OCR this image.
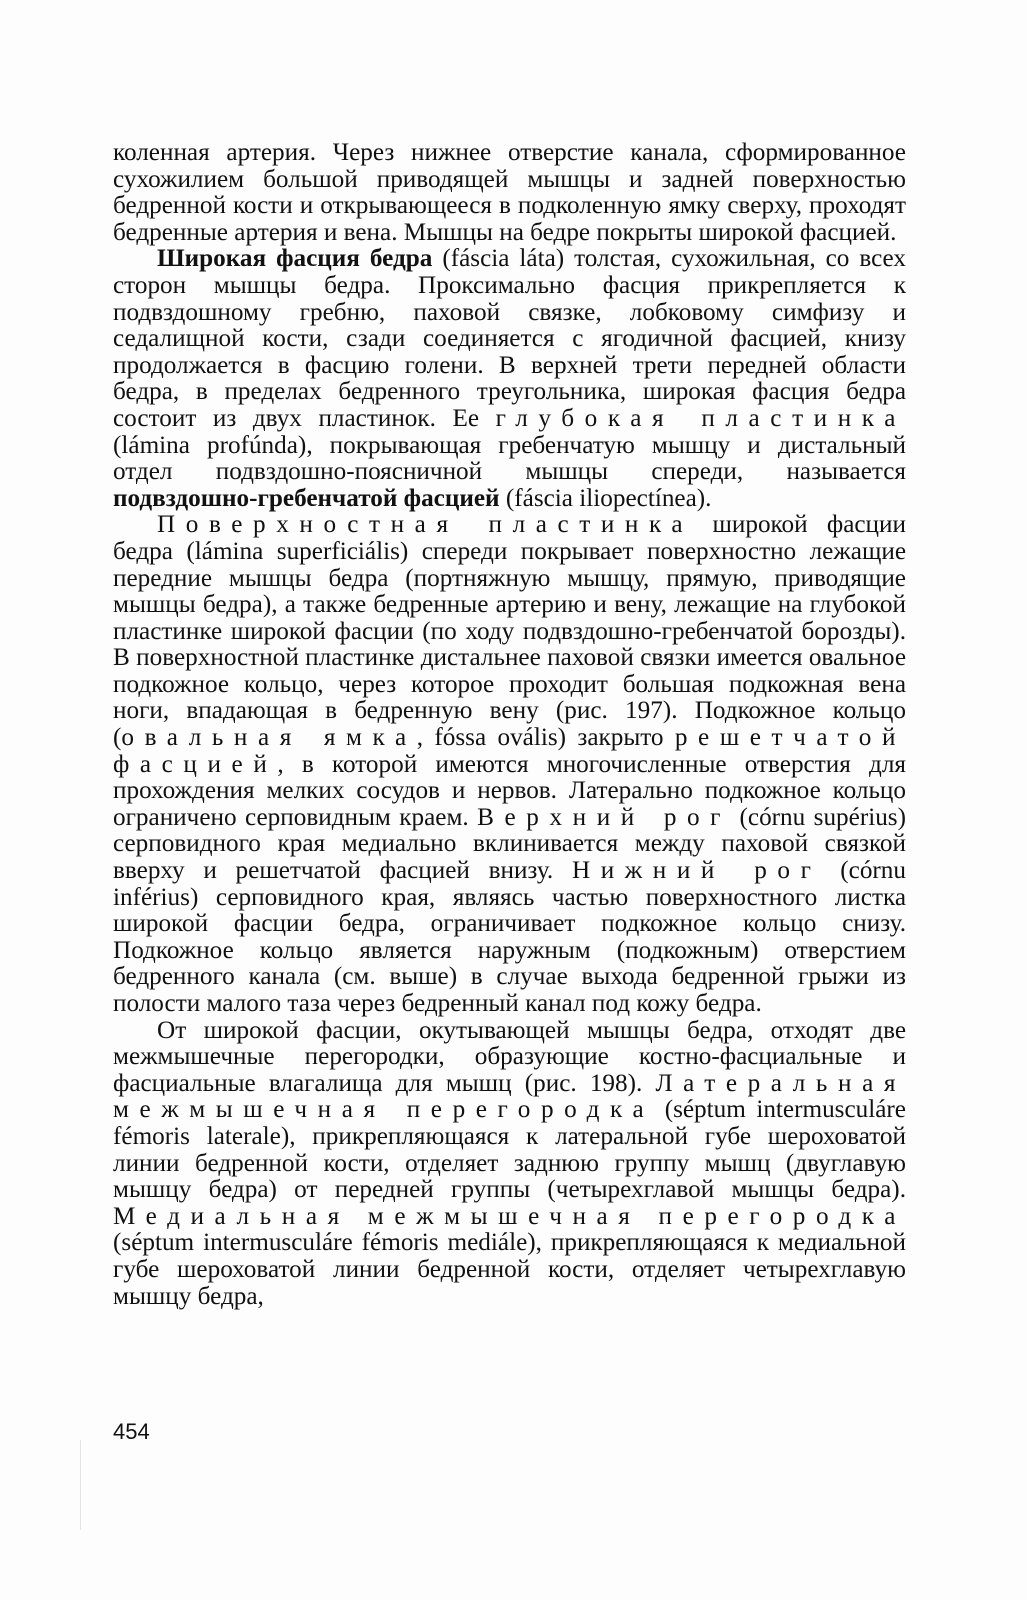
коленная артерия. Через нижнее отверстие канала, сформированное сухожилием большой приводящей мышцы и задней поверхностью бедренной кости и открывающееся в подколенную ямку сверху, проходят бедренные артерия и вена. Мышцы на бедре покрыты широкой фасцией.

Широкая фасция бедра (fáscia láta) толстая, сухожильная, со всех сторон мышцы бедра. Проксимально фасция прикрепляется к подвздошному гребню, паховой связке, лобковому симфизу и седалищной кости, сзади соединяется с ягодичной фасцией, книзу продолжается в фасцию голени. В верхней трети передней области бедра, в пределах бедренного треугольника, широкая фасция бедра состоит из двух пластинок. Ее глубокая пластинка (lámina profúnda), покрывающая гребенчатую мышцу и дистальный отдел подвздошно-поясничной мышцы спереди, называется подвздошно-гребенчатой фасцией (fáscia iliopectínea).

Поверхностная пластинка широкой фасции бедра (lámina superficiális) спереди покрывает поверхностно лежащие передние мышцы бедра (портняжную мышцу, прямую, приводящие мышцы бедра), а также бедренные артерию и вену, лежащие на глубокой пластинке широкой фасции (по ходу подвздошно-гребенчатой борозды). В поверхностной пластинке дистальнее паховой связки имеется овальное подкожное кольцо, через которое проходит большая подкожная вена ноги, впадающая в бедренную вену (рис. 197). Подкожное кольцо (овальная ямка, fóssa ovális) закрыто решетчатой фасцией, в которой имеются многочисленные отверстия для прохождения мелких сосудов и нервов. Латерально подкожное кольцо ограничено серповидным краем. Верхний рог (córnu supérius) серповидного края медиально вклинивается между паховой связкой вверху и решетчатой фасцией внизу. Нижний рог (córnu inférius) серповидного края, являясь частью поверхностного листка широкой фасции бедра, ограничивает подкожное кольцо снизу. Подкожное кольцо является наружным (подкожным) отверстием бедренного канала (см. выше) в случае выхода бедренной грыжи из полости малого таза через бедренный канал под кожу бедра.

От широкой фасции, окутывающей мышцы бедра, отходят две межмышечные перегородки, образующие костно-фасциальные и фасциальные влагалища для мышц (рис. 198). Латеральная межмышечная перегородка (séptum intermusculáre fémoris laterale), прикрепляющаяся к латеральной губе шероховатой линии бедренной кости, отделяет заднюю группу мышц (двуглавую мышцу бедра) от передней группы (четырехглавой мышцы бедра). Медиальная межмышечная перегородка (séptum intermusculáre fémoris mediále), прикрепляющаяся к медиальной губе шероховатой линии бедренной кости, отделяет четырехглавую мышцу бедра,

454
